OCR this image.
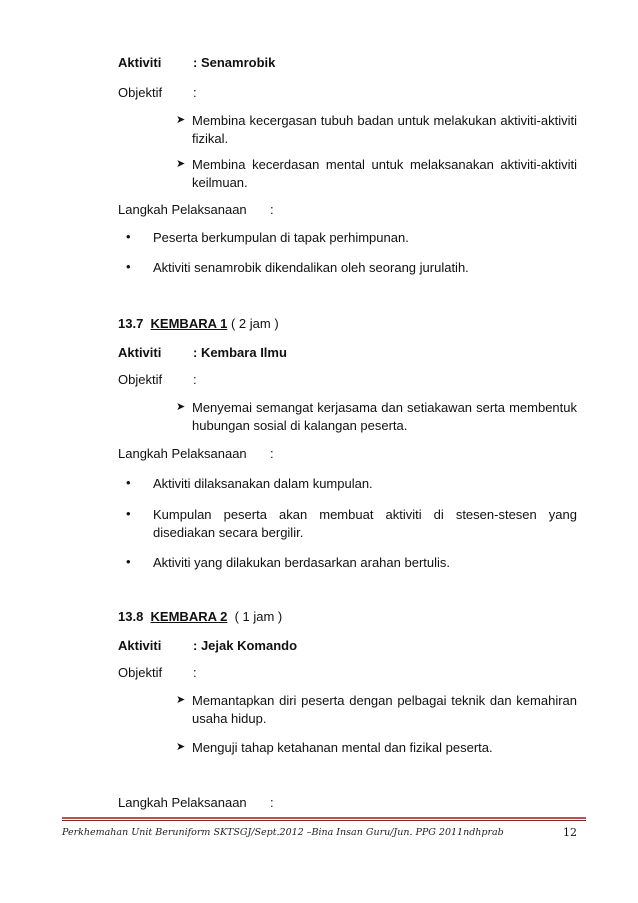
Aktiviti : Senamrobik
Objektif :
➤ Membina kecergasan tubuh badan untuk melakukan aktiviti-aktiviti
fizikal.
➤ Membina kecerdasan mental untuk melaksanakan aktiviti-aktiviti
keilmuan.
Langkah Pelaksanaan :
• Peserta berkumpulan di tapak perhimpunan.
• Aktiviti senamrobik dikendalikan oleh seorang jurulatih.
13.7 KEMBARA 1 ( 2 jam )
Aktiviti : Kembara Ilmu
Objektif :
➤ Menyemai semangat kerjasama dan setiakawan serta membentuk
hubungan sosial di kalangan peserta.
Langkah Pelaksanaan :
• Aktiviti dilaksanakan dalam kumpulan.
• Kumpulan peserta akan membuat aktiviti di stesen-stesen yang
disediakan secara bergilir.
• Aktiviti yang dilakukan berdasarkan arahan bertulis.
13.8 KEMBARA 2 ( 1 jam )
Aktiviti : Jejak Komando
Objektif :
➤ Memantapkan diri peserta dengan pelbagai teknik dan kemahiran
usaha hidup.
➤ Menguji tahap ketahanan mental dan fizikal peserta.
Langkah Pelaksanaan :
Perkhemahan Unit Beruniform SKTSGJ/Sept.2012 –Bina Insan Guru/Jun. PPG 2011ndhprab	12
